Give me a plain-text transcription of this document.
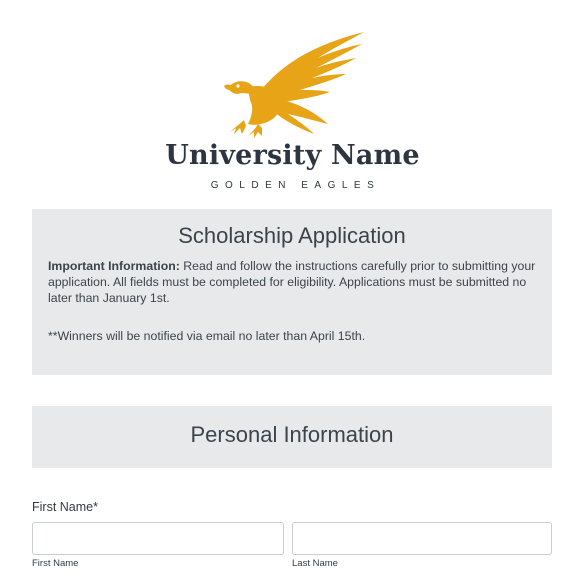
University Name
GOLDEN EAGLES
Scholarship Application
Important Information: Read and follow the instructions carefully prior to submitting your application. All fields must be completed for eligibility. Applications must be submitted no later than January 1st.
**Winners will be notified via email no later than April 15th.
Personal Information
First Name*
First Name	Last Name
